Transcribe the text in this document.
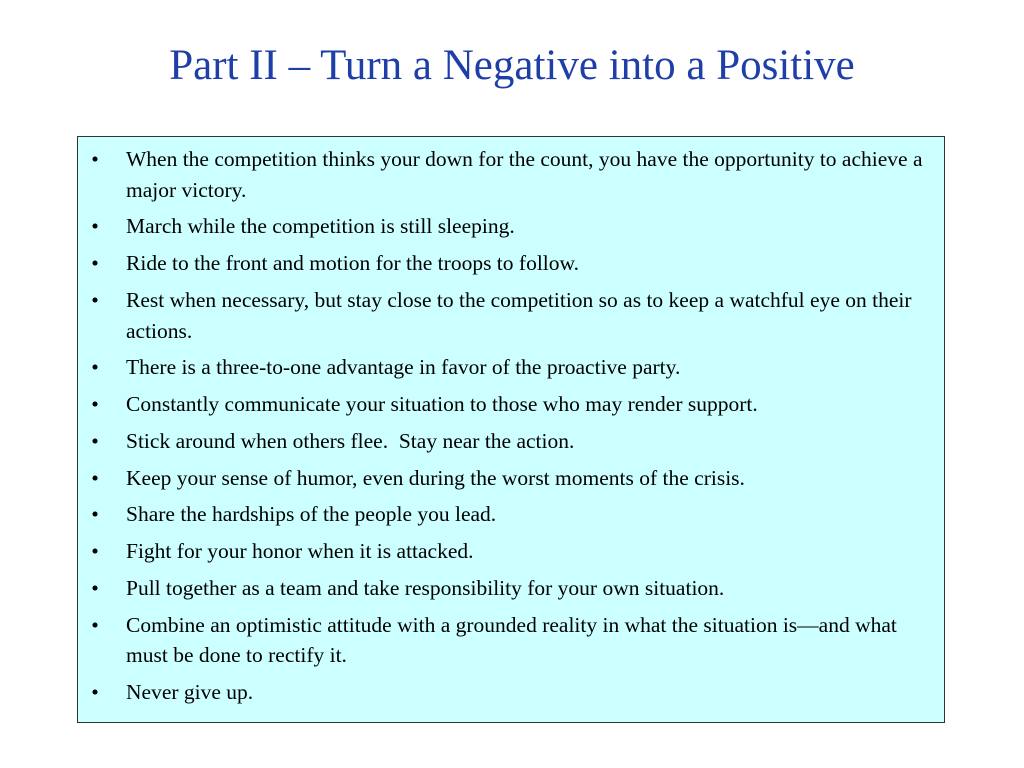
Part II – Turn a Negative into a Positive
• When the competition thinks your down for the count, you have the opportunity to achieve a major victory.
• March while the competition is still sleeping.
• Ride to the front and motion for the troops to follow.
• Rest when necessary, but stay close to the competition so as to keep a watchful eye on their actions.
• There is a three-to-one advantage in favor of the proactive party.
• Constantly communicate your situation to those who may render support.
• Stick around when others flee.  Stay near the action.
• Keep your sense of humor, even during the worst moments of the crisis.
• Share the hardships of the people you lead.
• Fight for your honor when it is attacked.
• Pull together as a team and take responsibility for your own situation.
• Combine an optimistic attitude with a grounded reality in what the situation is—and what must be done to rectify it.
• Never give up.
